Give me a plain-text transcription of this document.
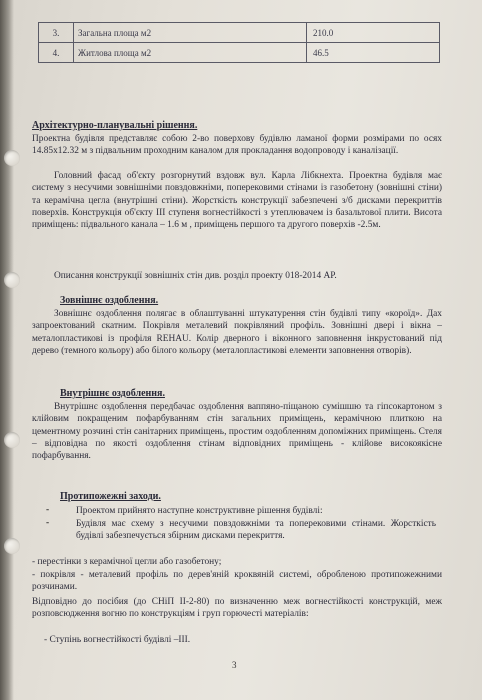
3.	Загальна площа м2	210.0
4.	Житлова площа м2	46.5
Архітектурно-планувальні рішення.
Проектна будівля представляє собою 2-во поверхову будівлю ламаної форми розмірами по осях 14.85х12.32 м з підвальним проходним каналом для прокладання водопроводу і каналізації.
Головний фасад об'єкту розгорнутий вздовж вул. Карла Лібкнехта. Проектна будівля має систему з несучими зовнішніми повздовжніми, поперековими стінами із газобетону (зовнішні стіни) та керамічна цегла (внутрішні стіни). Жорсткість конструкції забезпечені з/б дисками перекриттів поверхів. Конструкція об'єкту III ступеня вогнестійкості з утеплювачем із базальтової плити. Висота приміщень: підвального канала – 1.6 м , приміщень першого та другого поверхів -2.5м.
Описання конструкції зовнішніх стін див. розділ проекту 018-2014 АР.
Зовнішнє оздоблення.
Зовнішнє оздоблення полягає в облаштуванні штукатурення стін будівлі типу «короїд». Дах запроектований скатним. Покрівля металевий покрівляний профіль. Зовнішні двері і вікна – металопластикові із профіля REHAU. Колір дверного і віконного заповнення інкрустований під дерево (темного кольору) або білого кольору (металопластикові елементи заповнення отворів).
Внутрішнє оздоблення.
Внутрішнє оздоблення передбачає оздоблення ваппяно-піщаною сумішшю та гіпсокартоном з клійовим покращеним пофарбуванням стін загальних приміщень, керамічною плиткою на цементному розчині стін санітарних приміщень, простим оздобленням допоміжних приміщень. Стеля – відповідна по якості оздоблення стінам відповідних приміщень - клійове високоякісне пофарбування.
Протипожежні заходи.
-	Проектом прийнято наступне конструктивне рішення будівлі:
-	Будівля має схему з несучими повздовжніми та поперековими стінами. Жорсткість будівлі забезпечується збірним дисками перекриття.
- перестінки з керамічної цегли або газобетону;
- покрівля - металевий профіль по дерев'яній кроквяній системі, обробленою протипожежними розчинами.
Відповідно до посібия (до СНіП ІІ-2-80) по визначенню меж вогнестійкості конструкцій, меж розповсюдження вогню по конструкціям і груп горючесті матеріалів:
- Ступінь вогнестійкості будівлі –III.
3
